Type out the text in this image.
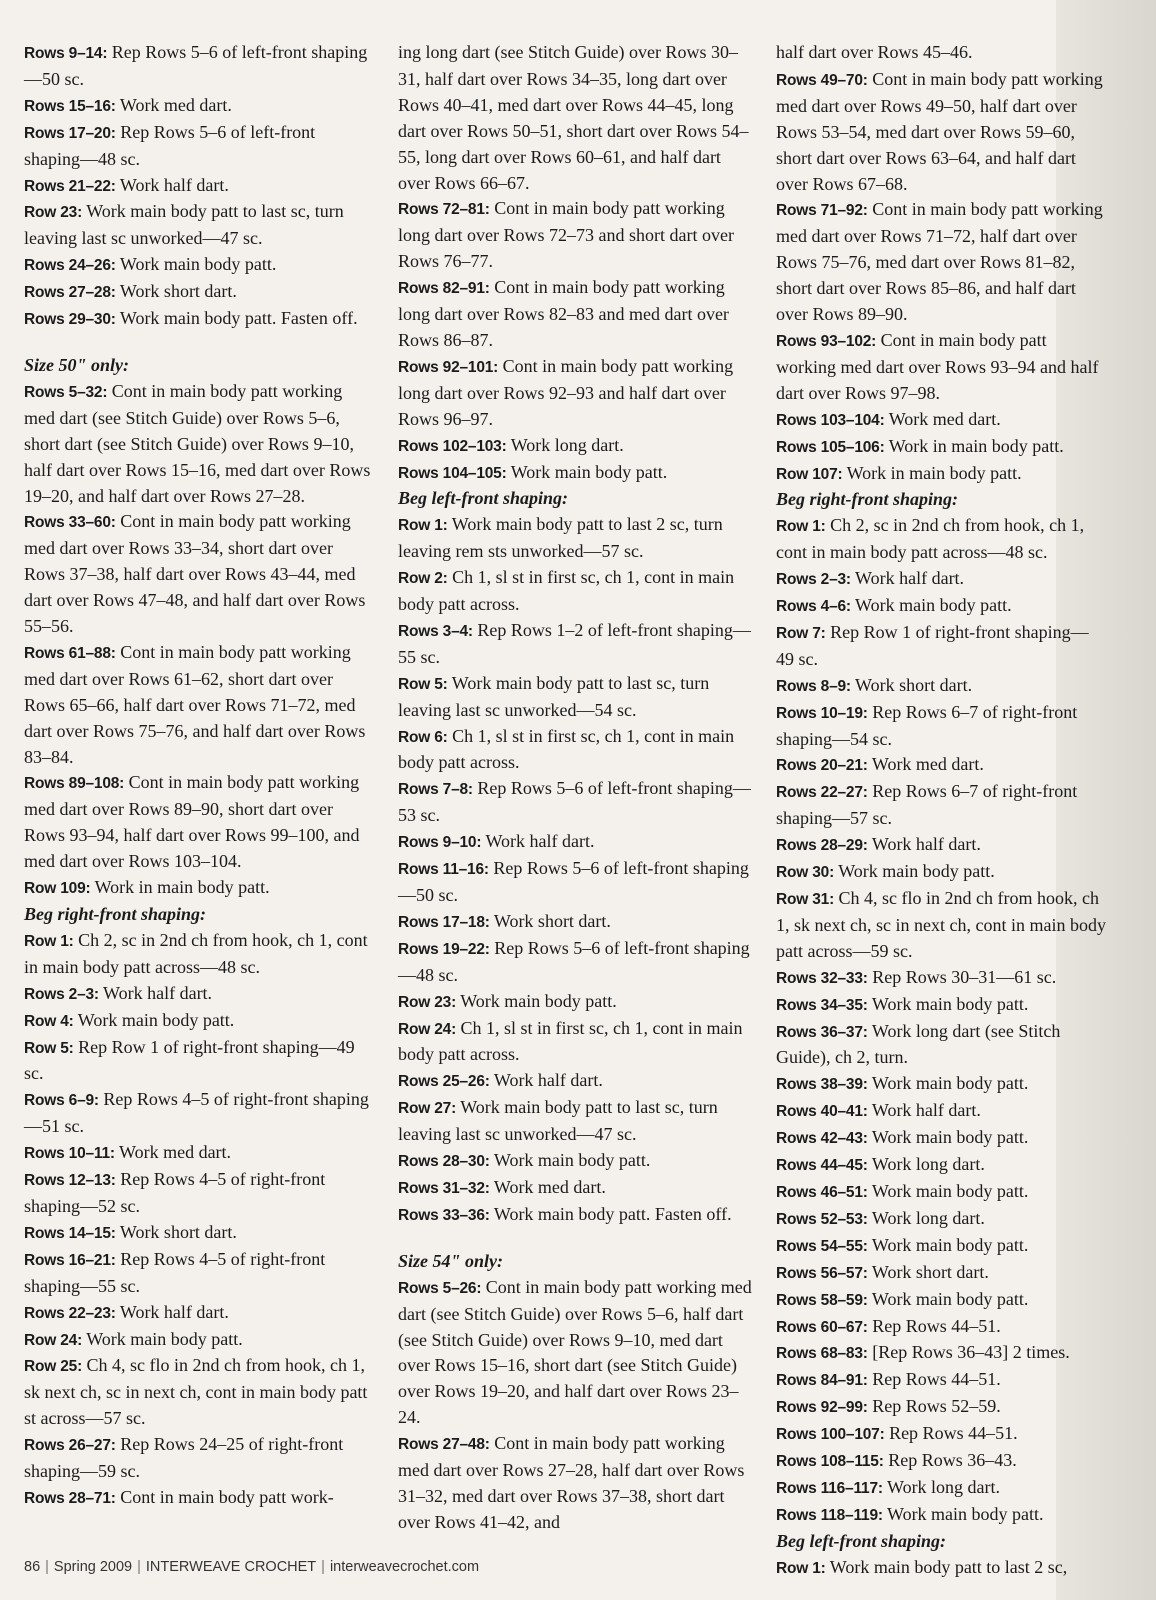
Rows 9–14: Rep Rows 5–6 of left-front shaping—50 sc.

Rows 15–16: Work med dart.

Rows 17–20: Rep Rows 5–6 of left-front shaping—48 sc.

Rows 21–22: Work half dart.

Row 23: Work main body patt to last sc, turn leaving last sc unworked—47 sc.

Rows 24–26: Work main body patt.

Rows 27–28: Work short dart.

Rows 29–30: Work main body patt. Fasten off.

Size 50" only:

Rows 5–32: Cont in main body patt working med dart (see Stitch Guide) over Rows 5–6, short dart (see Stitch Guide) over Rows 9–10, half dart over Rows 15–16, med dart over Rows 19–20, and half dart over Rows 27–28.

Rows 33–60: Cont in main body patt working med dart over Rows 33–34, short dart over Rows 37–38, half dart over Rows 43–44, med dart over Rows 47–48, and half dart over Rows 55–56.

Rows 61–88: Cont in main body patt working med dart over Rows 61–62, short dart over Rows 65–66, half dart over Rows 71–72, med dart over Rows 75–76, and half dart over Rows 83–84.

Rows 89–108: Cont in main body patt working med dart over Rows 89–90, short dart over Rows 93–94, half dart over Rows 99–100, and med dart over Rows 103–104.

Row 109: Work in main body patt.

Beg right-front shaping:

Row 1: Ch 2, sc in 2nd ch from hook, ch 1, cont in main body patt across—48 sc.

Rows 2–3: Work half dart.

Row 4: Work main body patt.

Row 5: Rep Row 1 of right-front shaping—49 sc.

Rows 6–9: Rep Rows 4–5 of right-front shaping—51 sc.

Rows 10–11: Work med dart.

Rows 12–13: Rep Rows 4–5 of right-front shaping—52 sc.

Rows 14–15: Work short dart.

Rows 16–21: Rep Rows 4–5 of right-front shaping—55 sc.

Rows 22–23: Work half dart.

Row 24: Work main body patt.

Row 25: Ch 4, sc flo in 2nd ch from hook, ch 1, sk next ch, sc in next ch, cont in main body patt st across—57 sc.

Rows 26–27: Rep Rows 24–25 of right-front shaping—59 sc.

Rows 28–71: Cont in main body patt work-

ing long dart (see Stitch Guide) over Rows 30–31, half dart over Rows 34–35, long dart over Rows 40–41, med dart over Rows 44–45, long dart over Rows 50–51, short dart over Rows 54–55, long dart over Rows 60–61, and half dart over Rows 66–67.

Rows 72–81: Cont in main body patt working long dart over Rows 72–73 and short dart over Rows 76–77.

Rows 82–91: Cont in main body patt working long dart over Rows 82–83 and med dart over Rows 86–87.

Rows 92–101: Cont in main body patt working long dart over Rows 92–93 and half dart over Rows 96–97.

Rows 102–103: Work long dart.

Rows 104–105: Work main body patt.

Beg left-front shaping:

Row 1: Work main body patt to last 2 sc, turn leaving rem sts unworked—57 sc.

Row 2: Ch 1, sl st in first sc, ch 1, cont in main body patt across.

Rows 3–4: Rep Rows 1–2 of left-front shaping—55 sc.

Row 5: Work main body patt to last sc, turn leaving last sc unworked—54 sc.

Row 6: Ch 1, sl st in first sc, ch 1, cont in main body patt across.

Rows 7–8: Rep Rows 5–6 of left-front shaping—53 sc.

Rows 9–10: Work half dart.

Rows 11–16: Rep Rows 5–6 of left-front shaping—50 sc.

Rows 17–18: Work short dart.

Rows 19–22: Rep Rows 5–6 of left-front shaping—48 sc.

Row 23: Work main body patt.

Row 24: Ch 1, sl st in first sc, ch 1, cont in main body patt across.

Rows 25–26: Work half dart.

Row 27: Work main body patt to last sc, turn leaving last sc unworked—47 sc.

Rows 28–30: Work main body patt.

Rows 31–32: Work med dart.

Rows 33–36: Work main body patt. Fasten off.

Size 54" only:

Rows 5–26: Cont in main body patt working med dart (see Stitch Guide) over Rows 5–6, half dart (see Stitch Guide) over Rows 9–10, med dart over Rows 15–16, short dart (see Stitch Guide) over Rows 19–20, and half dart over Rows 23–24.

Rows 27–48: Cont in main body patt working med dart over Rows 27–28, half dart over Rows 31–32, med dart over Rows 37–38, short dart over Rows 41–42, and

half dart over Rows 45–46.

Rows 49–70: Cont in main body patt working med dart over Rows 49–50, half dart over Rows 53–54, med dart over Rows 59–60, short dart over Rows 63–64, and half dart over Rows 67–68.

Rows 71–92: Cont in main body patt working med dart over Rows 71–72, half dart over Rows 75–76, med dart over Rows 81–82, short dart over Rows 85–86, and half dart over Rows 89–90.

Rows 93–102: Cont in main body patt working med dart over Rows 93–94 and half dart over Rows 97–98.

Rows 103–104: Work med dart.

Rows 105–106: Work in main body patt.

Row 107: Work in main body patt.

Beg right-front shaping:

Row 1: Ch 2, sc in 2nd ch from hook, ch 1, cont in main body patt across—48 sc.

Rows 2–3: Work half dart.

Rows 4–6: Work main body patt.

Row 7: Rep Row 1 of right-front shaping—49 sc.

Rows 8–9: Work short dart.

Rows 10–19: Rep Rows 6–7 of right-front shaping—54 sc.

Rows 20–21: Work med dart.

Rows 22–27: Rep Rows 6–7 of right-front shaping—57 sc.

Rows 28–29: Work half dart.

Row 30: Work main body patt.

Row 31: Ch 4, sc flo in 2nd ch from hook, ch 1, sk next ch, sc in next ch, cont in main body patt across—59 sc.

Rows 32–33: Rep Rows 30–31—61 sc.

Rows 34–35: Work main body patt.

Rows 36–37: Work long dart (see Stitch Guide), ch 2, turn.

Rows 38–39: Work main body patt.

Rows 40–41: Work half dart.

Rows 42–43: Work main body patt.

Rows 44–45: Work long dart.

Rows 46–51: Work main body patt.

Rows 52–53: Work long dart.

Rows 54–55: Work main body patt.

Rows 56–57: Work short dart.

Rows 58–59: Work main body patt.

Rows 60–67: Rep Rows 44–51.

Rows 68–83: [Rep Rows 36–43] 2 times.

Rows 84–91: Rep Rows 44–51.

Rows 92–99: Rep Rows 52–59.

Rows 100–107: Rep Rows 44–51.

Rows 108–115: Rep Rows 36–43.

Rows 116–117: Work long dart.

Rows 118–119: Work main body patt.

Beg left-front shaping:

Row 1: Work main body patt to last 2 sc,

86 | Spring 2009 | INTERWEAVE CROCHET | interweavecrochet.com
